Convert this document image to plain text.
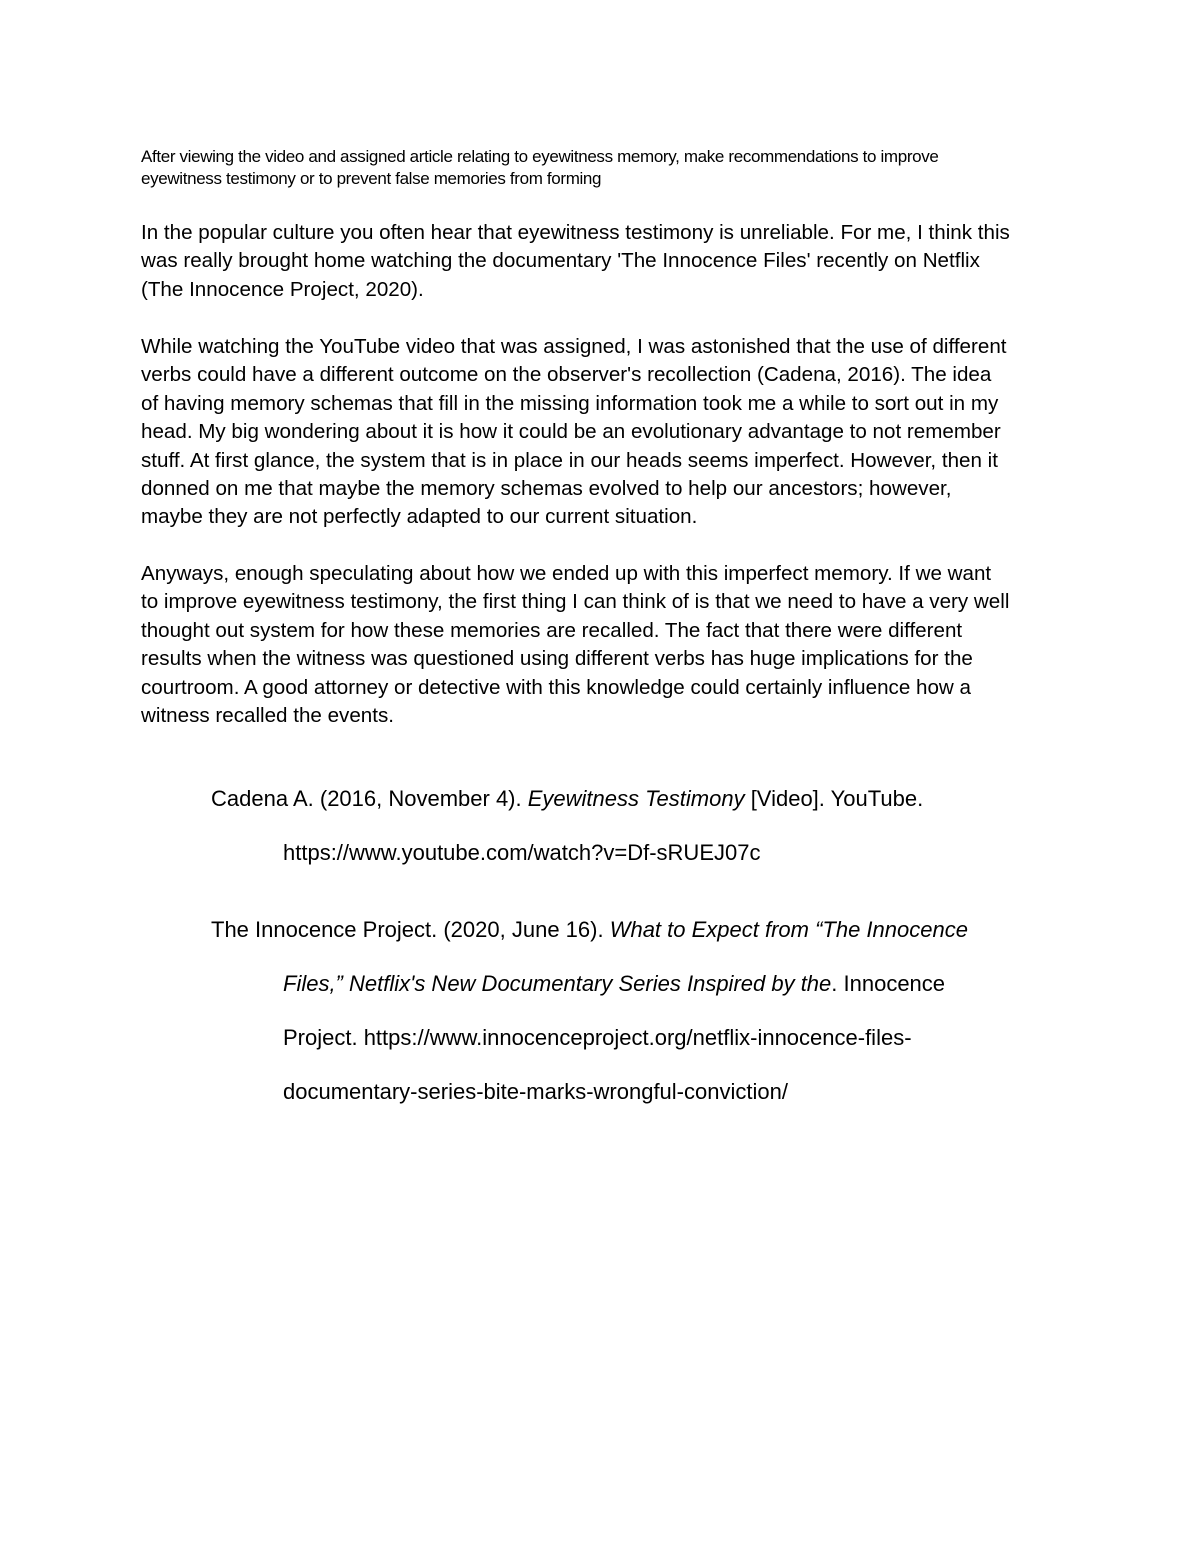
After viewing the video and assigned article relating to eyewitness memory, make recommendations to improve
eyewitness testimony or to prevent false memories from forming

In the popular culture you often hear that eyewitness testimony is unreliable. For me, I think this
was really brought home watching the documentary 'The Innocence Files' recently on Netflix
(The Innocence Project, 2020).

While watching the YouTube video that was assigned, I was astonished that the use of different
verbs could have a different outcome on the observer's recollection (Cadena, 2016). The idea
of having memory schemas that fill in the missing information took me a while to sort out in my
head. My big wondering about it is how it could be an evolutionary advantage to not remember
stuff. At first glance, the system that is in place in our heads seems imperfect. However, then it
donned on me that maybe the memory schemas evolved to help our ancestors; however,
maybe they are not perfectly adapted to our current situation.

Anyways, enough speculating about how we ended up with this imperfect memory. If we want
to improve eyewitness testimony, the first thing I can think of is that we need to have a very well
thought out system for how these memories are recalled. The fact that there were different
results when the witness was questioned using different verbs has huge implications for the
courtroom. A good attorney or detective with this knowledge could certainly influence how a
witness recalled the events.

Cadena A. (2016, November 4). Eyewitness Testimony [Video]. YouTube.
https://www.youtube.com/watch?v=Df-sRUEJ07c
The Innocence Project. (2020, June 16). What to Expect from “The Innocence
Files,” Netflix's New Documentary Series Inspired by the. Innocence
Project. https://www.innocenceproject.org/netflix-innocence-files-
documentary-series-bite-marks-wrongful-conviction/
